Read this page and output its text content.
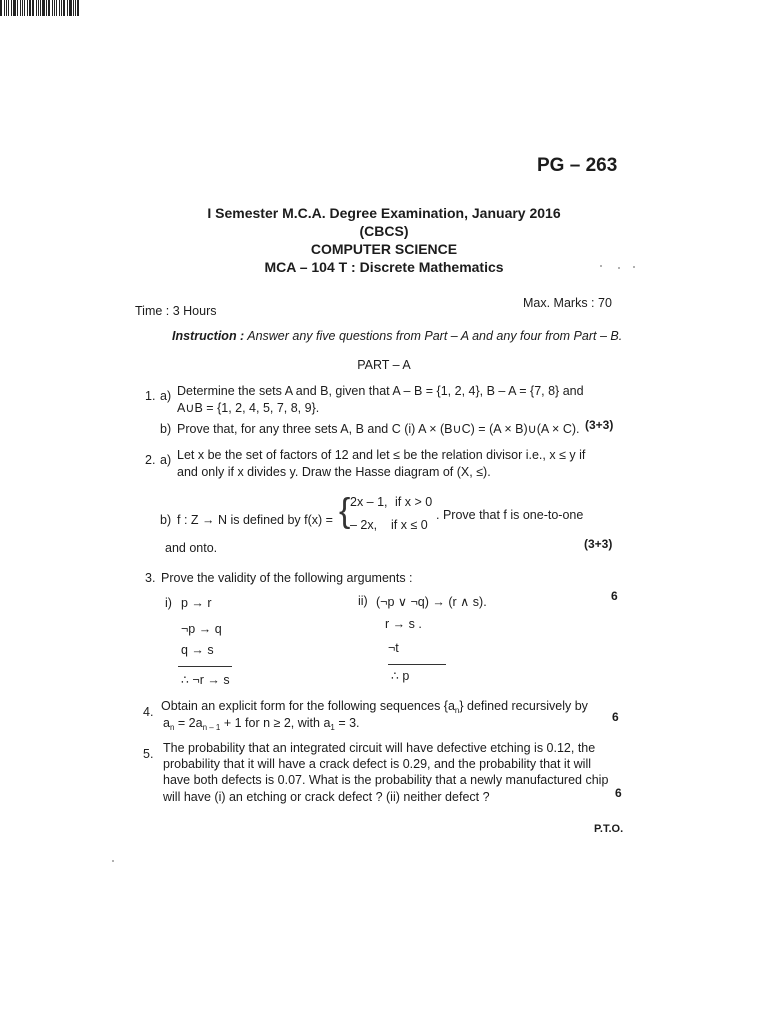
PG – 263
I Semester M.C.A. Degree Examination, January 2016
(CBCS)
COMPUTER SCIENCE
MCA – 104 T : Discrete Mathematics
Time : 3 Hours
Max. Marks : 70
Instruction : Answer any five questions from Part – A and any four from Part – B.
PART – A
1. a) Determine the sets A and B, given that A – B = {1, 2, 4}, B – A = {7, 8} and
A∪B = {1, 2, 4, 5, 7, 8, 9}.
b) Prove that, for any three sets A, B and C (i) A × (B∪C) = (A × B)∪(A × C). (3+3)
2. a) Let x be the set of factors of 12 and let ≤ be the relation divisor i.e., x ≤ y if
and only if x divides y. Draw the Hasse diagram of (X, ≤).
b) f : Z → N is defined by f(x) = { 2x – 1, if x > 0
– 2x, if x ≤ 0
. Prove that f is one-to-one
and onto.	(3+3)
3. Prove the validity of the following arguments :
6
i) p → r
¬p → q
q → s
∴ ¬r → s
ii) (¬p ∨ ¬q) → (r ∧ s).
r → s .
¬t
∴ p
4. Obtain an explicit form for the following sequences $\{a_n\}$ defined recursively by
$a_n = 2a_{n - 1} + 1$ for n ≥ 2, with $a_1 = 3$.	6
5. The probability that an integrated circuit will have defective etching is 0.12, the
probability that it will have a crack defect is 0.29, and the probability that it will
have both defects is 0.07. What is the probability that a newly manufactured chip
will have (i) an etching or crack defect ? (ii) neither defect ?	6
P.T.O.
